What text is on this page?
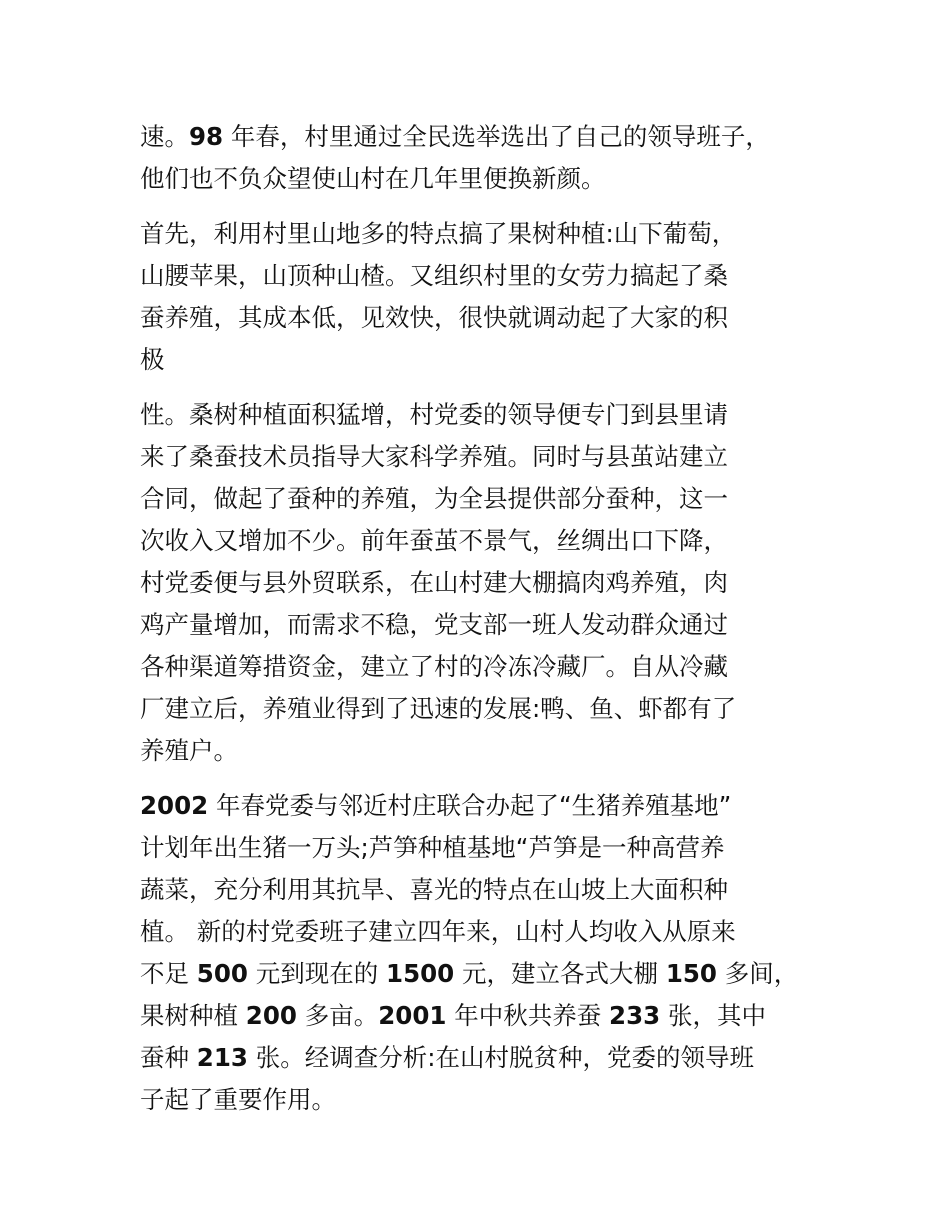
速。98 年春，村里通过全民选举选出了自己的领导班子，
他们也不负众望使山村在几年里便换新颜。
首先，利用村里山地多的特点搞了果树种植:山下葡萄，
山腰苹果，山顶种山楂。又组织村里的女劳力搞起了桑
蚕养殖，其成本低，见效快，很快就调动起了大家的积
极
性。桑树种植面积猛增，村党委的领导便专门到县里请
来了桑蚕技术员指导大家科学养殖。同时与县茧站建立
合同，做起了蚕种的养殖，为全县提供部分蚕种，这一
次收入又增加不少。前年蚕茧不景气，丝绸出口下降，
村党委便与县外贸联系，在山村建大棚搞肉鸡养殖，肉
鸡产量增加，而需求不稳，党支部一班人发动群众通过
各种渠道筹措资金，建立了村的冷冻冷藏厂。自从冷藏
厂建立后，养殖业得到了迅速的发展:鸭、鱼、虾都有了
养殖户。
2002 年春党委与邻近村庄联合办起了“生猪养殖基地”
计划年出生猪一万头;芦笋种植基地“芦笋是一种高营养
蔬菜，充分利用其抗旱、喜光的特点在山坡上大面积种
植。 新的村党委班子建立四年来，山村人均收入从原来
不足 500 元到现在的 1500 元，建立各式大棚 150 多间，
果树种植 200 多亩。2001 年中秋共养蚕 233 张，其中
蚕种 213 张。经调查分析:在山村脱贫种，党委的领导班
子起了重要作用。
